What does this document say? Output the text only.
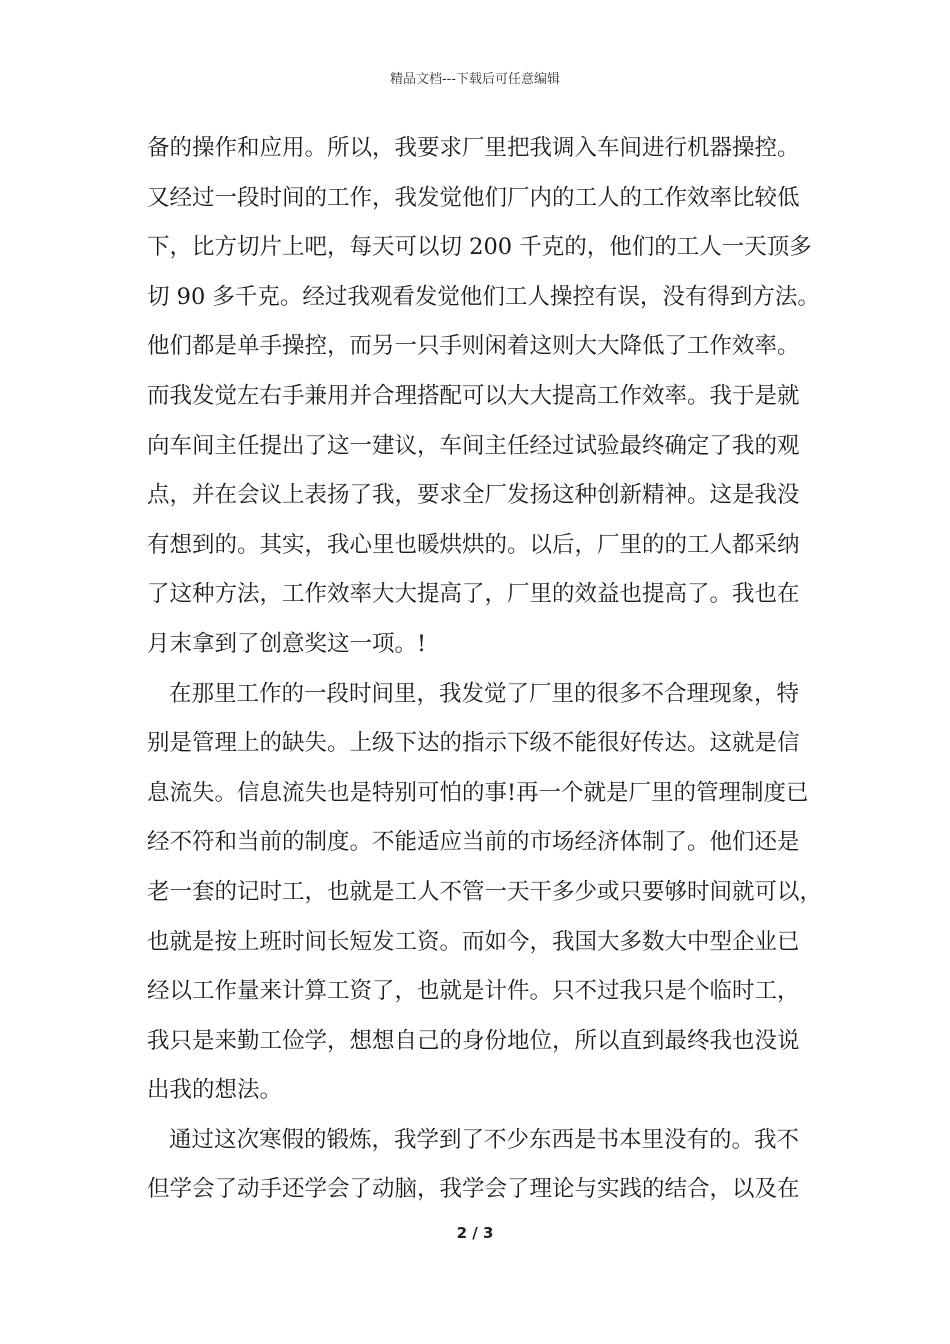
精品文档---下载后可任意编辑
备的操作和应用。所以，我要求厂里把我调入车间进行机器操控。
又经过一段时间的工作，我发觉他们厂内的工人的工作效率比较低
下，比方切片上吧，每天可以切 200 千克的，他们的工人一天顶多
切 90 多千克。经过我观看发觉他们工人操控有误，没有得到方法。
他们都是单手操控，而另一只手则闲着这则大大降低了工作效率。
而我发觉左右手兼用并合理搭配可以大大提高工作效率。我于是就
向车间主任提出了这一建议，车间主任经过试验最终确定了我的观
点，并在会议上表扬了我，要求全厂发扬这种创新精神。这是我没
有想到的。其实，我心里也暖烘烘的。以后，厂里的的工人都采纳
了这种方法，工作效率大大提高了，厂里的效益也提高了。我也在
月末拿到了创意奖这一项。!
在那里工作的一段时间里，我发觉了厂里的很多不合理现象，特
别是管理上的缺失。上级下达的指示下级不能很好传达。这就是信
息流失。信息流失也是特别可怕的事!再一个就是厂里的管理制度已
经不符和当前的制度。不能适应当前的市场经济体制了。他们还是
老一套的记时工，也就是工人不管一天干多少或只要够时间就可以，
也就是按上班时间长短发工资。而如今，我国大多数大中型企业已
经以工作量来计算工资了，也就是计件。只不过我只是个临时工，
我只是来勤工俭学，想想自己的身份地位，所以直到最终我也没说
出我的想法。
通过这次寒假的锻炼，我学到了不少东西是书本里没有的。我不
但学会了动手还学会了动脑，我学会了理论与实践的结合，以及在
2 / 3
